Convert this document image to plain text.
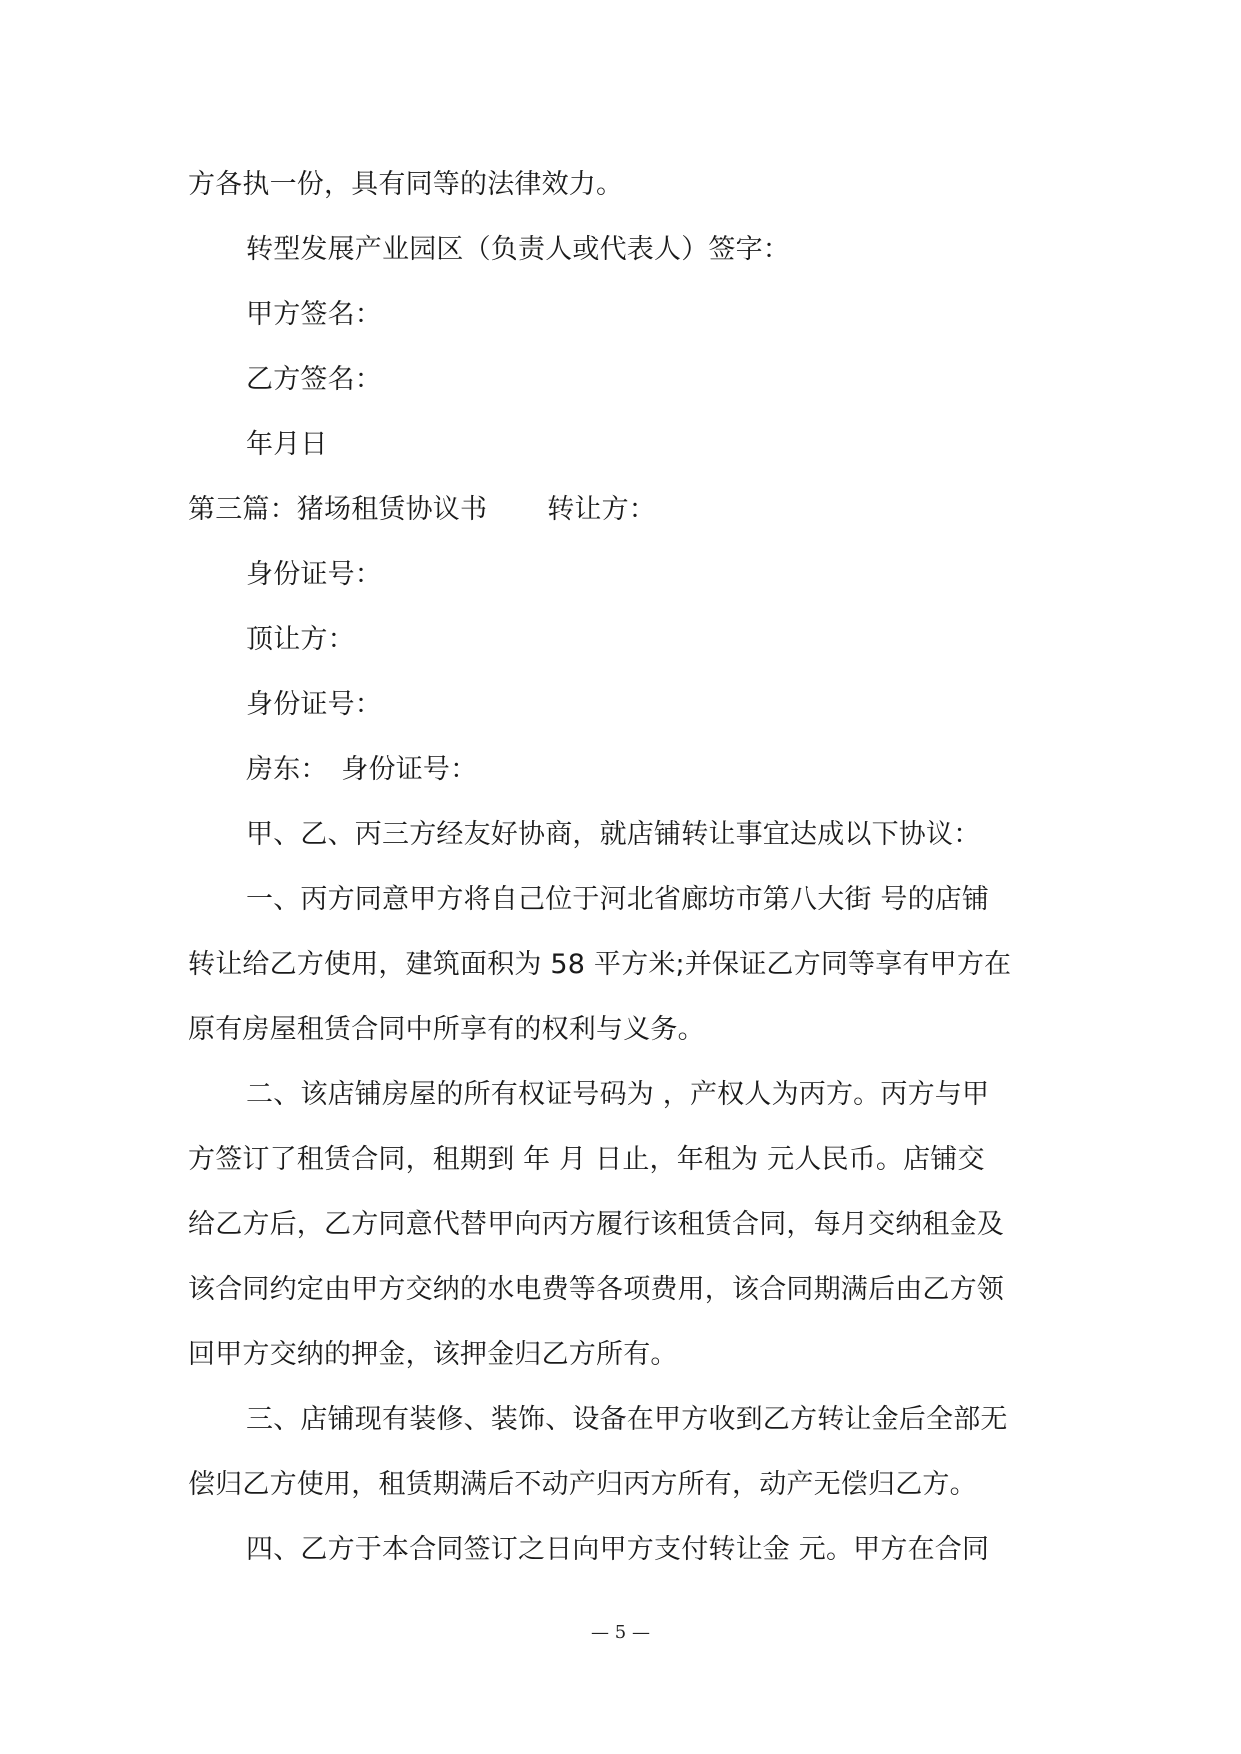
方各执一份，具有同等的法律效力。
转型发展产业园区（负责人或代表人）签字：
甲方签名：
乙方签名：
年月日
第三篇：猪场租赁协议书 转让方：
身份证号：
顶让方：
身份证号：
房东：　身份证号：
甲、乙、丙三方经友好协商，就店铺转让事宜达成以下协议：
一、丙方同意甲方将自己位于河北省廊坊市第八大街 号的店铺
转让给乙方使用，建筑面积为 58 平方米;并保证乙方同等享有甲方在
原有房屋租赁合同中所享有的权利与义务。
二、该店铺房屋的所有权证号码为 ，产权人为丙方。丙方与甲
方签订了租赁合同，租期到 年 月 日止，年租为 元人民币。店铺交
给乙方后，乙方同意代替甲向丙方履行该租赁合同，每月交纳租金及
该合同约定由甲方交纳的水电费等各项费用，该合同期满后由乙方领
回甲方交纳的押金，该押金归乙方所有。
三、店铺现有装修、装饰、设备在甲方收到乙方转让金后全部无
偿归乙方使用，租赁期满后不动产归丙方所有，动产无偿归乙方。
四、乙方于本合同签订之日向甲方支付转让金 元。甲方在合同
— 5 —
